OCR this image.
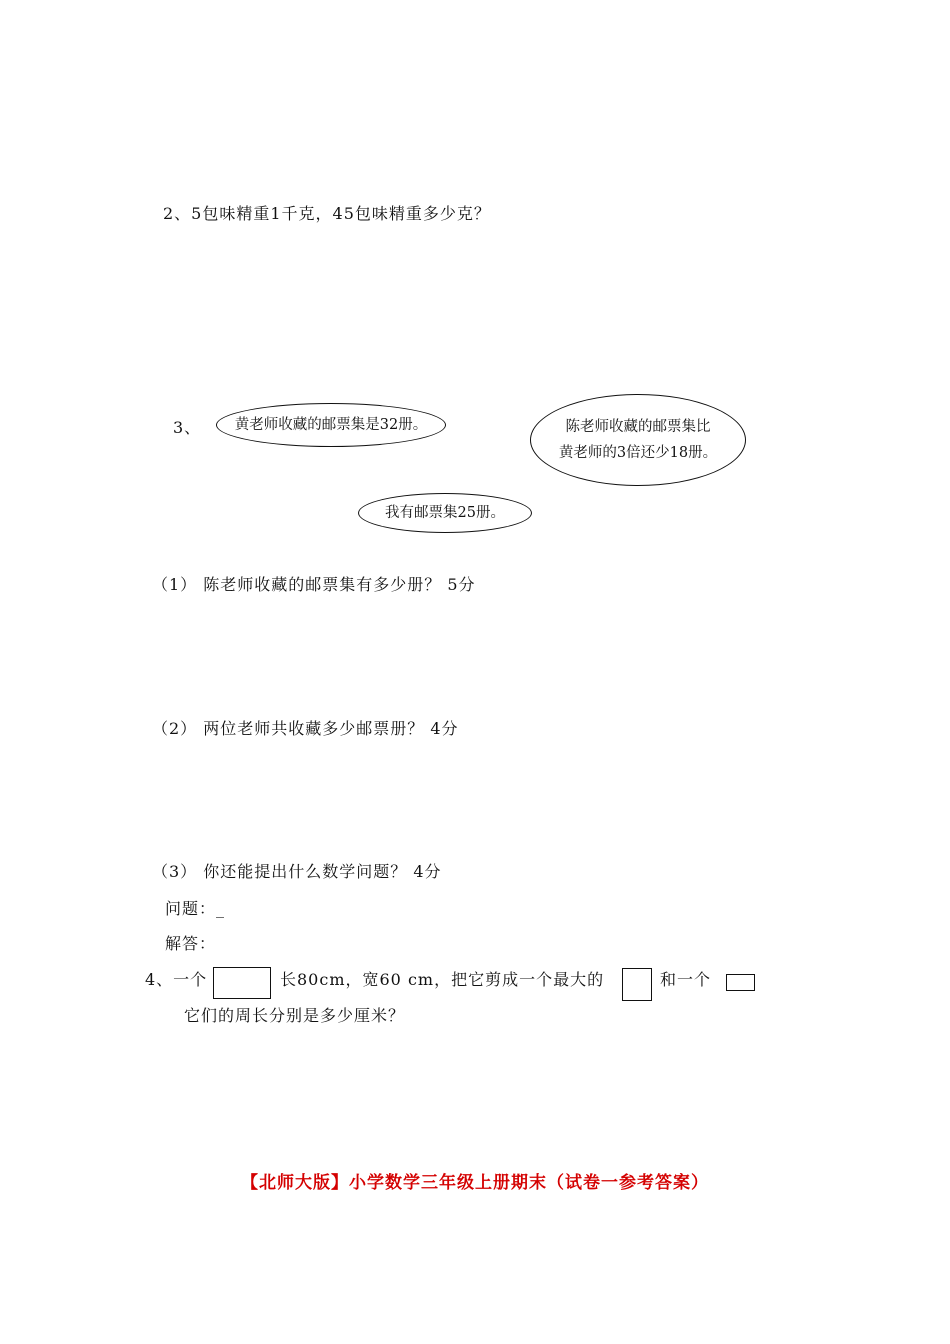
2、5包味精重1千克，45包味精重多少克？
3、 黄老师收藏的邮票集是32册。	陈老师收藏的邮票集比
黄老师的3倍还少18册。
我有邮票集25册。
（1） 陈老师收藏的邮票集有多少册？ 5分
（2） 两位老师共收藏多少邮票册？ 4分
（3） 你还能提出什么数学问题？ 4分
问题：_
解答：
4、一个	长80cm，宽60 cm，把它剪成一个最大的	和一个
它们的周长分别是多少厘米？
【北师大版】小学数学三年级上册期末（试卷一参考答案）
